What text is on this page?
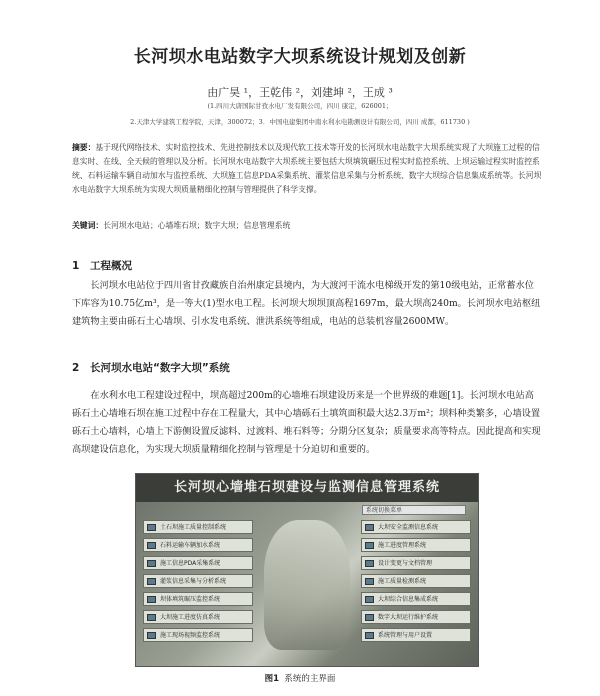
长河坝水电站数字大坝系统设计规划及创新
由广昊 ¹，王乾伟 ²，刘建坤 ²，王成 ³
(1.四川大唐国际甘孜水电厂发有限公司，四川 康定，626001；
2.天津大学建筑工程学院，天津，300072；3．中国电建集团中南水利水电勘测设计有限公司，四川 成都，611730 )
摘要：基于现代网络技术、实时监控技术、先进控制技术以及现代软工技术等开发的长河坝水电站数字大坝系统实现了大坝施工过程的信息实时、在线、全天候的管理以及分析。长河坝水电站数字大坝系统主要包括大坝填筑碾压过程实时监控系统、上坝运输过程实时监控系统、石料运输车辆自动加水与监控系统、大坝施工信息PDA采集系统、灌浆信息采集与分析系统、数字大坝综合信息集成系统等。长河坝水电站数字大坝系统为实现大坝质量精细化控制与管理提供了科学支撑。
关键词：长河坝水电站；心墙堆石坝；数字大坝；信息管理系统
1 工程概况
长河坝水电站位于四川省甘孜藏族自治州康定县境内，为大渡河干流水电梯级开发的第10级电站，正常蓄水位下库容为10.75亿m³，是一等大(1)型水电工程。长河坝大坝坝顶高程1697m，最大坝高240m。长河坝水电站枢纽建筑物主要由砾石土心墙坝、引水发电系统、泄洪系统等组成，电站的总装机容量2600MW。
2 长河坝水电站“数字大坝”系统
在水利水电工程建设过程中，坝高超过200m的心墙堆石坝建设历来是一个世界级的难题[1]。长河坝水电站高砾石土心墙堆石坝在施工过程中存在工程量大，其中心墙砾石土填筑面积最大达2.3万m²；坝料种类繁多，心墙设置砾石土心墙料，心墙上下游侧设置反滤料、过渡料、堆石料等；分期分区复杂；质量要求高等特点。因此提高和实现高坝建设信息化，为实现大坝质量精细化控制与管理是十分迫切和重要的。
长河坝心墙堆石坝建设与监测信息管理系统
系统切换菜单
土石坝施工质量控制系统
石料运输车辆加水系统
施工信息PDA采集系统
灌浆信息采集与分析系统
坝体填筑碾压监控系统
大坝施工进度仿真系统
施工现场视频监控系统
大坝安全监测信息系统
施工进度管理系统
设计变更与文档管理
施工质量检测系统
大坝综合信息集成系统
数字大坝运行维护系统
系统管理与用户设置
图1 系统的主界面
